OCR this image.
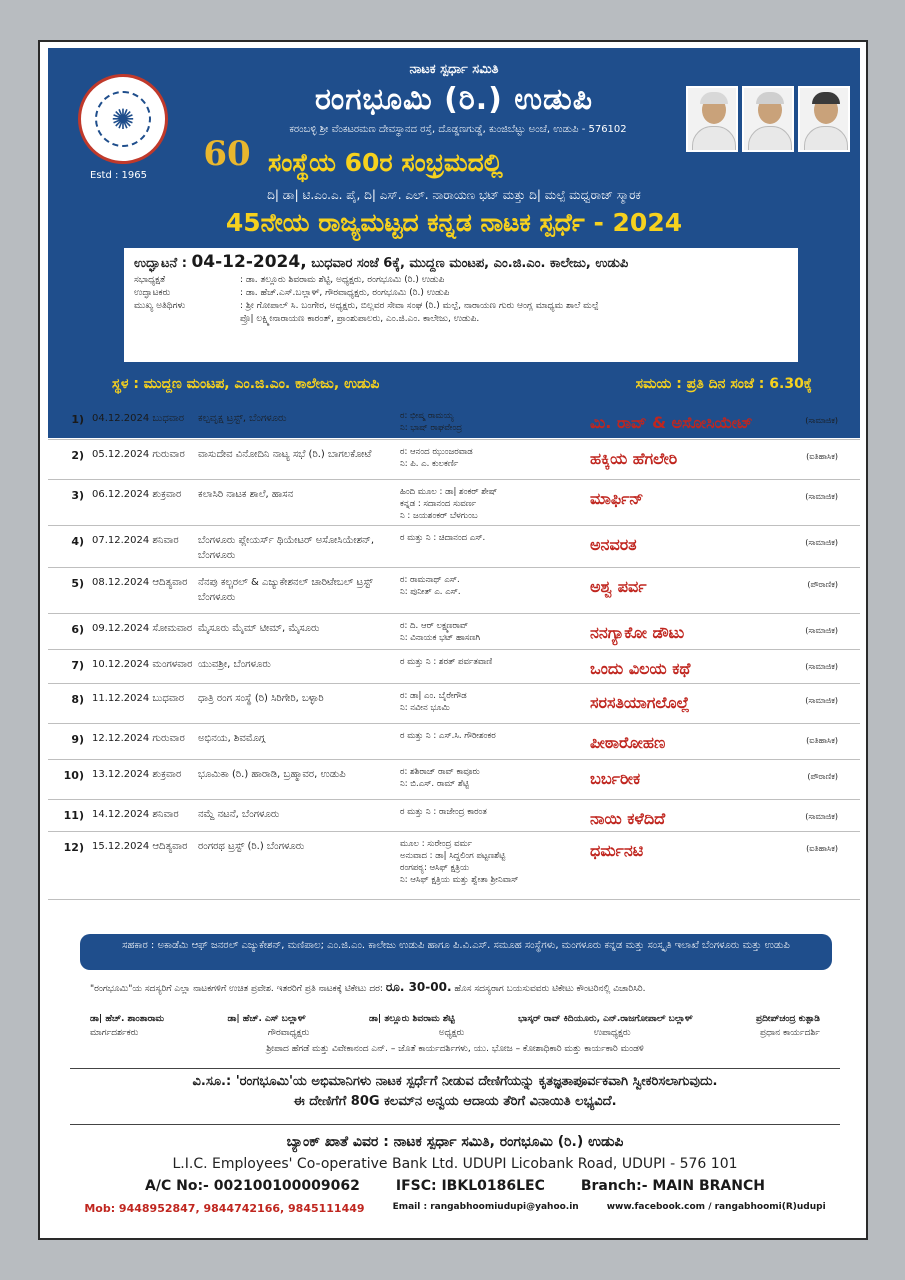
✺
Estd : 1965
60
ನಾಟಕ ಸ್ಪರ್ಧಾ ಸಮಿತಿ
ರಂಗಭೂಮಿ (ರಿ.) ಉಡುಪಿ
ಕರಂಬಳ್ಳಿ ಶ್ರೀ ವೆಂಕಟರಮಣ ದೇವಸ್ಥಾನದ ರಸ್ತೆ, ದೊಡ್ಡಣಗುಡ್ಡೆ, ಕುಂಜಿಬೆಟ್ಟು ಅಂಚೆ, ಉಡುಪಿ - 576102
ಸಂಸ್ಥೆಯ 60ರ ಸಂಭ್ರಮದಲ್ಲಿ
ದಿ| ಡಾ| ಟಿ.ಎಂ.ಎ. ಪೈ, ದಿ| ಎಸ್. ಎಲ್. ನಾರಾಯಣ ಭಟ್ ಮತ್ತು ದಿ| ಮಲ್ಪೆ ಮಧ್ವರಾಜ್ ಸ್ಮಾರಕ
45ನೇಯ ರಾಜ್ಯಮಟ್ಟದ ಕನ್ನಡ ನಾಟಕ ಸ್ಪರ್ಧೆ - 2024
ಉದ್ಘಾಟನೆ : 04-12-2024, ಬುಧವಾರ ಸಂಜೆ 6ಕ್ಕೆ, ಮುದ್ದಣ ಮಂಟಪ, ಎಂ.ಜಿ.ಎಂ. ಕಾಲೇಜು, ಉಡುಪಿ
ಸಭಾಧ್ಯಕ್ಷತೆ	: ಡಾ. ತಲ್ಲೂರು ಶಿವರಾಮ ಶೆಟ್ಟಿ, ಅಧ್ಯಕ್ಷರು, ರಂಗಭೂಮಿ (ರಿ.) ಉಡುಪಿ
ಉದ್ಘಾಟಕರು	: ಡಾ. ಹೆಚ್.ಎಸ್.ಬಲ್ಲಾಳ್, ಗೌರವಾಧ್ಯಕ್ಷರು, ರಂಗಭೂಮಿ (ರಿ.) ಉಡುಪಿ
ಮುಖ್ಯ ಅತಿಥಿಗಳು	: ಶ್ರೀ ಗೋಪಾಲ್ ಸಿ. ಬಂಗೇರ, ಅಧ್ಯಕ್ಷರು, ಬಿಲ್ಲವರ ಸೇವಾ ಸಂಘ (ರಿ.) ಮಲ್ಪೆ, ನಾರಾಯಣ ಗುರು ಆಂಗ್ಲ ಮಾಧ್ಯಮ ಶಾಲೆ ಮಲ್ಪೆ
ಪ್ರೊ| ಲಕ್ಷ್ಮೀನಾರಾಯಣ ಕಾರಂತ್, ಪ್ರಾಂಶುಪಾಲರು, ಎಂ.ಜಿ.ಎಂ. ಕಾಲೇಜು, ಉಡುಪಿ.
ಸ್ಥಳ : ಮುದ್ದಣ ಮಂಟಪ, ಎಂ.ಜಿ.ಎಂ. ಕಾಲೇಜು, ಉಡುಪಿ	ಸಮಯ : ಪ್ರತಿ ದಿನ ಸಂಜೆ : 6.30ಕ್ಕೆ
1) 04.12.2024 ಬುಧವಾರ	ಕಲ್ಪವೃಕ್ಷ ಟ್ರಸ್ಟ್, ಬೆಂಗಳೂರು	ರ: ಭೀಷ್ಮ ರಾಮಯ್ಯ
ನಿ: ಭಾಷ್ ರಾಘವೇಂದ್ರ	ಮಿ. ರಾವ್ & ಅಸೋಸಿಯೇಟ್	(ಸಾಮಾಜಿಕ)
2) 05.12.2024 ಗುರುವಾರ	ವಾಸುದೇವ ವಿನೋದಿನಿ ನಾಟ್ಯ ಸಭೆ (ರಿ.) ಬಾಗಲಕೋಟೆ	ರ: ಆನಂದ ಝುಂಜರವಾಡ
ನಿ: ಪಿ. ಎ. ಕುಲಕರ್ಣಿ	ಹಕ್ಕಿಯ ಹೆಗಲೇರಿ	(ಐತಿಹಾಸಿಕ)
3) 06.12.2024 ಶುಕ್ರವಾರ	ಕಲಾಸಿರಿ ನಾಟಕ ಶಾಲೆ, ಹಾಸನ	ಹಿಂದಿ ಮೂಲ : ಡಾ| ಶಂಕರ್ ಶೇಷ್
ಕನ್ನಡ : ಸದಾನಂದ ಸುವರ್ಣ
ನಿ : ಜಯಶಂಕರ್ ಬೆಳಗುಂಬ
ಮಾರ್ಫಿನ್	(ಸಾಮಾಜಿಕ)
4) 07.12.2024 ಶನಿವಾರ	ಬೆಂಗಳೂರು ಪ್ಲೇಯರ್ಸ್ ಥಿಯೇಟರ್ ಅಸೋಸಿಯೇಶನ್, ಬೆಂಗಳೂರು
ರ ಮತ್ತು ನಿ : ಚಿದಾನಂದ ಎಸ್.	ಅನವರತ	(ಸಾಮಾಜಿಕ)
5) 08.12.2024 ಆದಿತ್ಯವಾರ	ನೆನಪು ಕಲ್ಚರಲ್ & ಎಜ್ಯುಕೇಶನಲ್ ಚಾರಿಟೇಬಲ್ ಟ್ರಸ್ಟ್ ಬೆಂಗಳೂರು
ರ: ರಾಮನಾಥ್ ಎಸ್.
ನಿ: ಪುನೀತ್ ಎ. ಎಸ್.	ಅಶ್ವ ಪರ್ವ	(ಪೌರಾಣಿಕ)
6) 09.12.2024 ಸೋಮವಾರ ಮೈಸೂರು ಮೈಮ್ ಟೀಮ್, ಮೈಸೂರು	ರ: ದಿ. ಆರ್ ಲಕ್ಷ್ಮಣರಾವ್
ನಿ: ವಿನಾಯಕ ಭಟ್ ಹಾಸಣಗಿ	ನನಗ್ಯಾಕೋ ಡೌಟು	(ಸಾಮಾಜಿಕ)
7) 10.12.2024 ಮಂಗಳವಾರ ಯುವಶ್ರೀ, ಬೆಂಗಳೂರು	ರ ಮತ್ತು ನಿ : ಶರತ್ ಪರ್ವತವಾಣಿ	ಒಂದು ವಿಲಯ ಕಥೆ	(ಸಾಮಾಜಿಕ)
8) 11.12.2024 ಬುಧವಾರ	ಧಾತ್ರಿ ರಂಗ ಸಂಸ್ಥೆ (ರಿ) ಸಿರಿಗೇರಿ, ಬಳ್ಳಾರಿ	ರ: ಡಾ| ಎಂ. ಬೈರೇಗೌಡ
ನಿ: ನವೀನ ಭೂಮಿ	ಸರಸತಿಯಾಗಲೊಲ್ಲೆ	(ಸಾಮಾಜಿಕ)
9) 12.12.2024 ಗುರುವಾರ	ಅಭಿನಯ, ಶಿವಮೊಗ್ಗ	ರ ಮತ್ತು ನಿ : ಎಸ್.ಸಿ. ಗೌರೀಶಂಕರ	ಪೀಠಾರೋಹಣ	(ಐತಿಹಾಸಿಕ)
10) 13.12.2024 ಶುಕ್ರವಾರ	ಭೂಮಿಕಾ (ರಿ.) ಹಾರಾಡಿ, ಬ್ರಹ್ಮಾವರ, ಉಡುಪಿ	ರ: ಶಶಿರಾಜ್ ರಾವ್ ಕಾವೂರು
ನಿ: ಬಿ.ಎಸ್. ರಾಮ್ ಶೆಟ್ಟಿ	ಬರ್ಬರೀಕ	(ಪೌರಾಣಿಕ)
11) 14.12.2024 ಶನಿವಾರ	ನಮ್ದೆ ನಟನೆ, ಬೆಂಗಳೂರು	ರ ಮತ್ತು ನಿ : ರಾಜೇಂದ್ರ ಕಾರಂತ	ನಾಯಿ ಕಳೆದಿದೆ	(ಸಾಮಾಜಿಕ)
12) 15.12.2024 ಆದಿತ್ಯವಾರ	ರಂಗರಥ ಟ್ರಸ್ಟ್ (ರಿ.) ಬೆಂಗಳೂರು	ಮೂಲ : ಸುರೇಂದ್ರ ವರ್ಮ
ಅನುವಾದ : ಡಾ| ಸಿದ್ದಲಿಂಗ ಪಟ್ಟಣಶೆಟ್ಟಿ
ರಂಗಪಠ್ಯ: ಆಸಿಫ್ ಕ್ಷತ್ರಿಯ
ನಿ: ಆಸಿಫ್ ಕ್ಷತ್ರಿಯ ಮತ್ತು ಶ್ವೇತಾ ಶ್ರೀನಿವಾಸ್
ಧರ್ಮನಟಿ	(ಐತಿಹಾಸಿಕ)
ಸಹಕಾರ : ಅಕಾಡೆಮಿ ಆಫ್ ಜನರಲ್ ಎಜ್ಯುಕೇಶನ್, ಮಣಿಪಾಲ; ಎಂ.ಜಿ.ಎಂ. ಕಾಲೇಜು ಉಡುಪಿ ಹಾಗೂ ಪಿ.ವಿ.ಎಸ್. ಸಮೂಹ ಸಂಸ್ಥೆಗಳು, ಮಂಗಳೂರು ಕನ್ನಡ ಮತ್ತು ಸಂಸ್ಕೃತಿ ಇಲಾಖೆ ಬೆಂಗಳೂರು ಮತ್ತು ಉಡುಪಿ
"ರಂಗಭೂಮಿ"ಯ ಸದಸ್ಯರಿಗೆ ಎಲ್ಲಾ ನಾಟಕಗಳಿಗೆ ಉಚಿತ ಪ್ರವೇಶ. ಇತರರಿಗೆ ಪ್ರತಿ ನಾಟಕಕ್ಕೆ ಟಿಕೇಟು ದರ: ರೂ. 30-00. ಹೊಸ ಸದಸ್ಯರಾಗ ಬಯಸುವವರು ಟಿಕೇಟು ಕೌಂಟರಿನಲ್ಲಿ ವಿಚಾರಿಸಿರಿ.
ಡಾ| ಹೆಚ್. ಶಾಂತಾರಾಮ	ಡಾ| ಹೆಚ್. ಎಸ್ ಬಲ್ಲಾಳ್	ಡಾ| ತಲ್ಲೂರು ಶಿವರಾಮ ಶೆಟ್ಟಿ	ಭಾಸ್ಕರ್ ರಾವ್ ಕಿದಿಯೂರು, ಎನ್.ರಾಜಗೋಪಾಲ್ ಬಲ್ಲಾಳ್	ಪ್ರದೀಪ್‌ಚಂದ್ರ ಕುತ್ಪಾಡಿ
ಮಾರ್ಗದರ್ಶಕರು	ಗೌರವಾಧ್ಯಕ್ಷರು	ಅಧ್ಯಕ್ಷರು	ಉಪಾಧ್ಯಕ್ಷರು	ಪ್ರಧಾನ ಕಾರ್ಯದರ್ಶಿ
ಶ್ರೀಪಾದ ಹೆಗಡೆ ಮತ್ತು ವಿವೇಕಾನಂದ ಎನ್. – ಜೊತೆ ಕಾರ್ಯದರ್ಶಿಗಳು, ಯು. ಭೋಜ – ಕೋಶಾಧಿಕಾರಿ ಮತ್ತು ಕಾರ್ಯಕಾರಿ ಮಂಡಳಿ
ವಿ.ಸೂ.: 'ರಂಗಭೂಮಿ'ಯ ಅಭಿಮಾನಿಗಳು ನಾಟಕ ಸ್ಪರ್ಧೆಗೆ ನೀಡುವ ದೇಣಿಗೆಯನ್ನು ಕೃತಜ್ಞತಾಪೂರ್ವಕವಾಗಿ ಸ್ವೀಕರಿಸಲಾಗುವುದು.
ಈ ದೇಣಿಗೆಗೆ 80G ಕಲಮ್‌ನ ಅನ್ವಯ ಆದಾಯ ತೆರಿಗೆ ವಿನಾಯಿತಿ ಲಭ್ಯವಿದೆ.
ಬ್ಯಾಂಕ್ ಖಾತೆ ವಿವರ : ನಾಟಕ ಸ್ಪರ್ಧಾ ಸಮಿತಿ, ರಂಗಭೂಮಿ (ರಿ.) ಉಡುಪಿ
L.I.C. Employees' Co-operative Bank Ltd. UDUPI Licobank Road, UDUPI - 576 101
A/C No:- 002100100009062	IFSC: IBKL0186LEC	Branch:- MAIN BRANCH
Mob: 9448952847, 9844742166, 9845111449	Email : rangabhoomiudupi@yahoo.in	www.facebook.com / rangabhoomi(R)udupi
